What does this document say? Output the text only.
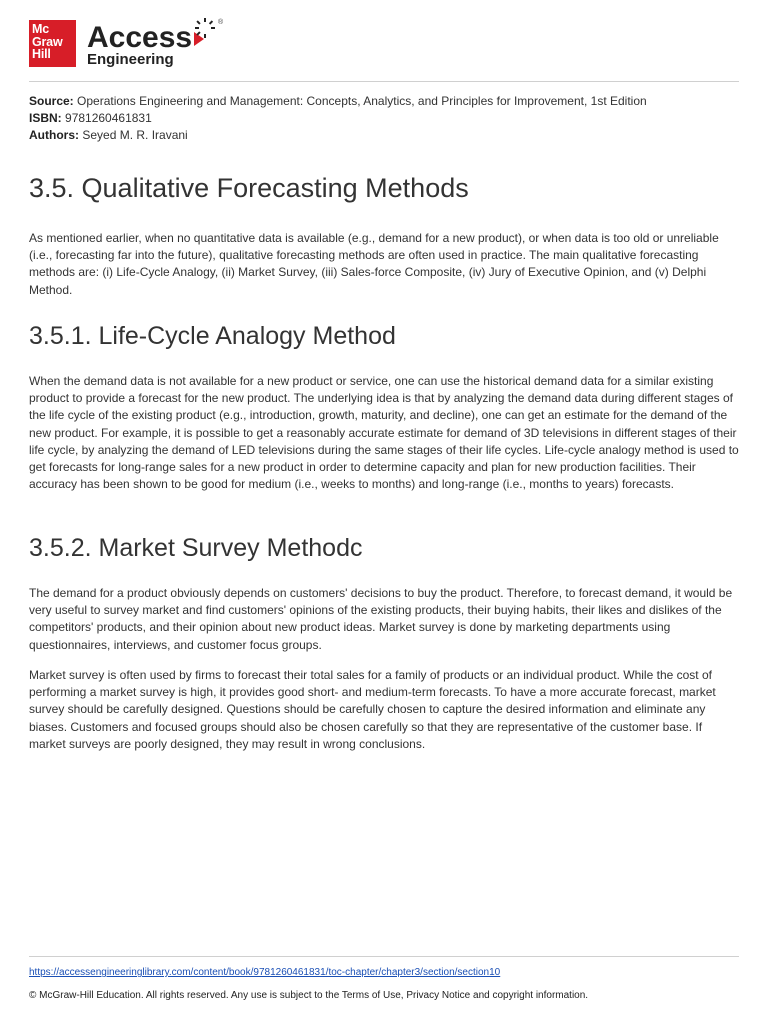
Mc
Graw
Hill
®
Access
Engineering
Source: Operations Engineering and Management: Concepts, Analytics, and Principles for Improvement, 1st Edition
ISBN: 9781260461831
Authors: Seyed M. R. Iravani
3.5. Qualitative Forecasting Methods

As mentioned earlier, when no quantitative data is available (e.g., demand for a new product), or when data is too old or unreliable (i.e., forecasting far into the future), qualitative forecasting methods are often used in practice. The main qualitative forecasting methods are: (i) Life-Cycle Analogy, (ii) Market Survey, (iii) Sales-force Composite, (iv) Jury of Executive Opinion, and (v) Delphi Method.

3.5.1. Life-Cycle Analogy Method

When the demand data is not available for a new product or service, one can use the historical demand data for a similar existing product to provide a forecast for the new product. The underlying idea is that by analyzing the demand data during different stages of the life cycle of the existing product (e.g., introduction, growth, maturity, and decline), one can get an estimate for the demand of the new product. For example, it is possible to get a reasonably accurate estimate for demand of 3D televisions in different stages of their life cycle, by analyzing the demand of LED televisions during the same stages of their life cycles. Life-cycle analogy method is used to get forecasts for long-range sales for a new product in order to determine capacity and plan for new production facilities. Their accuracy has been shown to be good for medium (i.e., weeks to months) and long-range (i.e., months to years) forecasts.

3.5.2. Market Survey Methodc

The demand for a product obviously depends on customers' decisions to buy the product. Therefore, to forecast demand, it would be very useful to survey market and find customers' opinions of the existing products, their buying habits, their likes and dislikes of the competitors' products, and their opinion about new product ideas. Market survey is done by marketing departments using questionnaires, interviews, and customer focus groups.

Market survey is often used by firms to forecast their total sales for a family of products or an individual product. While the cost of performing a market survey is high, it provides good short- and medium-term forecasts. To have a more accurate forecast, market survey should be carefully designed. Questions should be carefully chosen to capture the desired information and eliminate any biases. Customers and focused groups should also be chosen carefully so that they are representative of the customer base. If market surveys are poorly designed, they may result in wrong conclusions.

https://accessengineeringlibrary.com/content/book/9781260461831/toc-chapter/chapter3/section/section10
© McGraw-Hill Education. All rights reserved. Any use is subject to the Terms of Use, Privacy Notice and copyright information.
